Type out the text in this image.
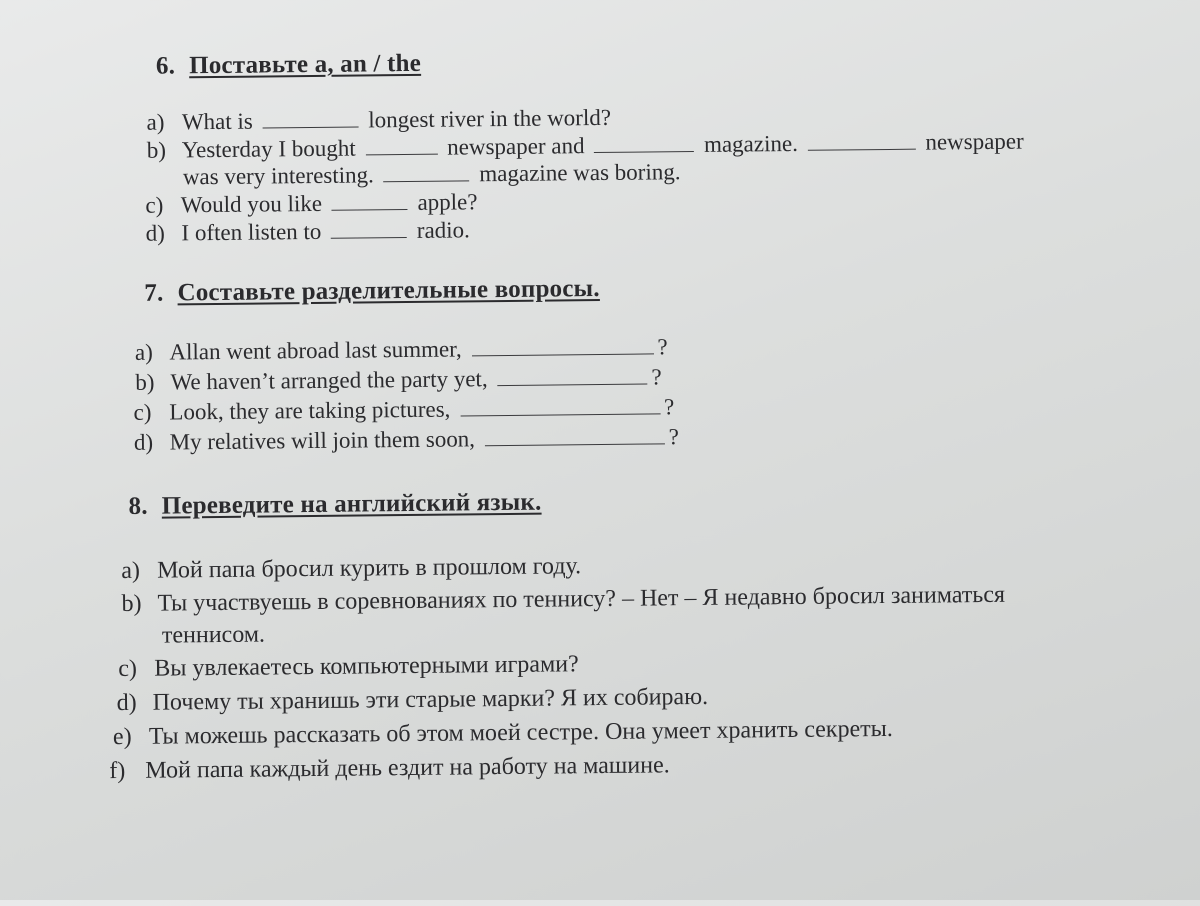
6. Поставьте a, an / the
a) What is	longest river in the world?
b) Yesterday I bought	newspaper and	magazine.	newspaper
was very interesting.	magazine was boring.
c) Would you like	apple?
d) I often listen to	radio.
7. Составьте разделительные вопросы.
a) Allan went abroad last summer,	?
b) We haven’t arranged the party yet,	?
c) Look, they are taking pictures,	?
d) My relatives will join them soon,	?
8. Переведите на английский язык.
a) Мой папа бросил курить в прошлом году.
b) Ты участвуешь в соревнованиях по теннису? – Нет – Я недавно бросил заниматься
теннисом.
c) Вы увлекаетесь компьютерными играми?
d) Почему ты хранишь эти старые марки? Я их собираю.
e) Ты можешь рассказать об этом моей сестре. Она умеет хранить секреты.
f) Мой папа каждый день ездит на работу на машине.
